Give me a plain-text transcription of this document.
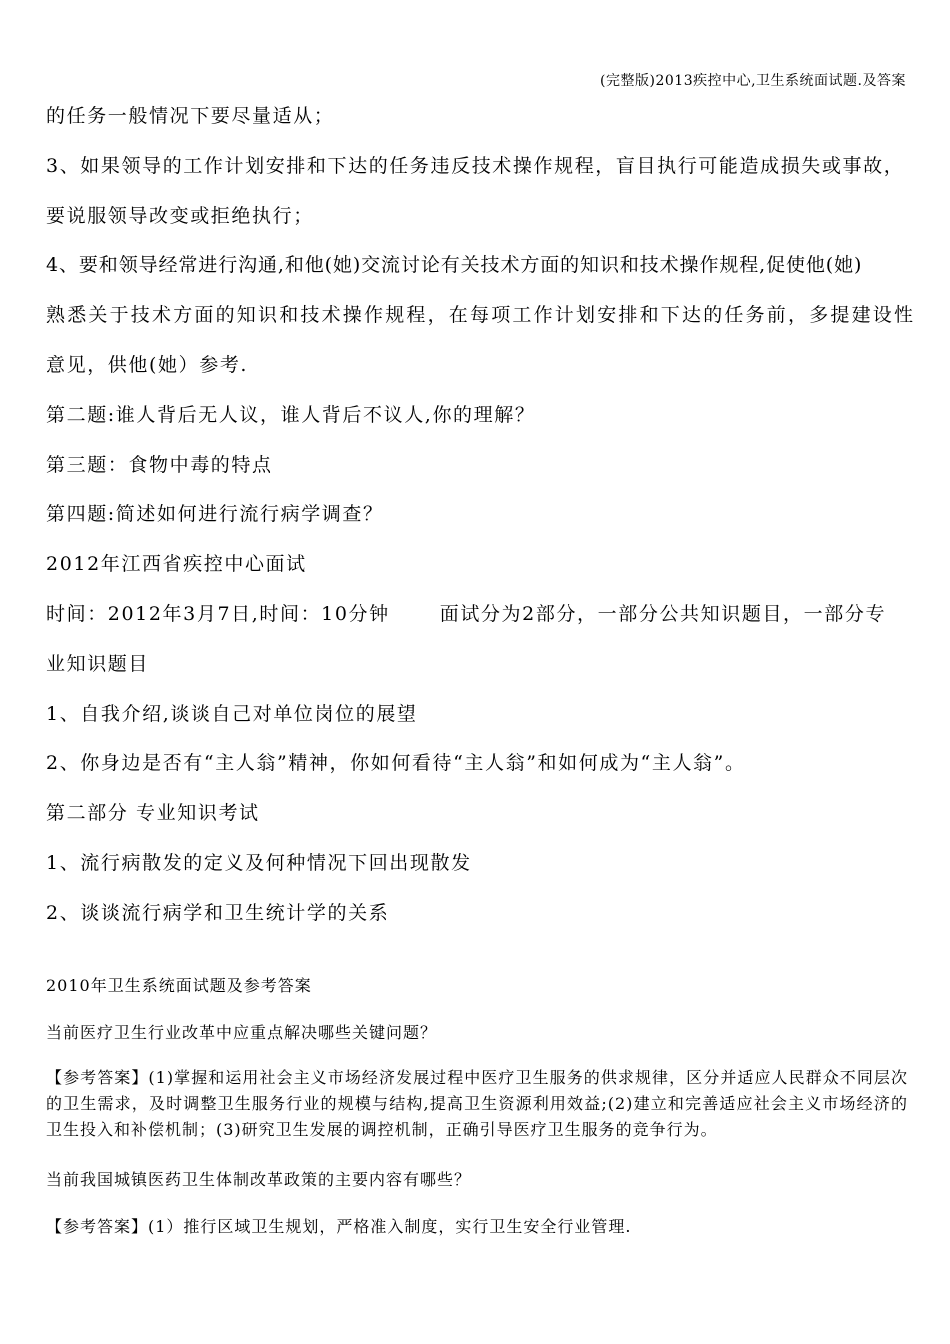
(完整版)2013疾控中心,卫生系统面试题.及答案
的任务一般情况下要尽量适从；
3、如果领导的工作计划安排和下达的任务违反技术操作规程，盲目执行可能造成损失或事故，
要说服领导改变或拒绝执行；
4、要和领导经常进行沟通,和他(她)交流讨论有关技术方面的知识和技术操作规程,促使他(她)
熟悉关于技术方面的知识和技术操作规程，在每项工作计划安排和下达的任务前，多提建设性
意见，供他(她）参考.
第二题:谁人背后无人议，谁人背后不议人,你的理解？
第三题：食物中毒的特点
第四题:简述如何进行流行病学调查？
2012年江西省疾控中心面试
时间：2012年3月7日,时间：10分钟	面试分为2部分，一部分公共知识题目，一部分专
业知识题目
1、自我介绍,谈谈自己对单位岗位的展望
2、你身边是否有“主人翁”精神，你如何看待“主人翁”和如何成为“主人翁”。
第二部分 专业知识考试
1、流行病散发的定义及何种情况下回出现散发
2、谈谈流行病学和卫生统计学的关系
2010年卫生系统面试题及参考答案
当前医疗卫生行业改革中应重点解决哪些关键问题？
【参考答案】(1)掌握和运用社会主义市场经济发展过程中医疗卫生服务的供求规律，区分并适应人民群众不同层次的卫生需求，及时调整卫生服务行业的规模与结构,提高卫生资源利用效益;(2)建立和完善适应社会主义市场经济的卫生投入和补偿机制；(3)研究卫生发展的调控机制，正确引导医疗卫生服务的竞争行为。
当前我国城镇医药卫生体制改革政策的主要内容有哪些？
【参考答案】(1）推行区域卫生规划，严格准入制度，实行卫生安全行业管理.
